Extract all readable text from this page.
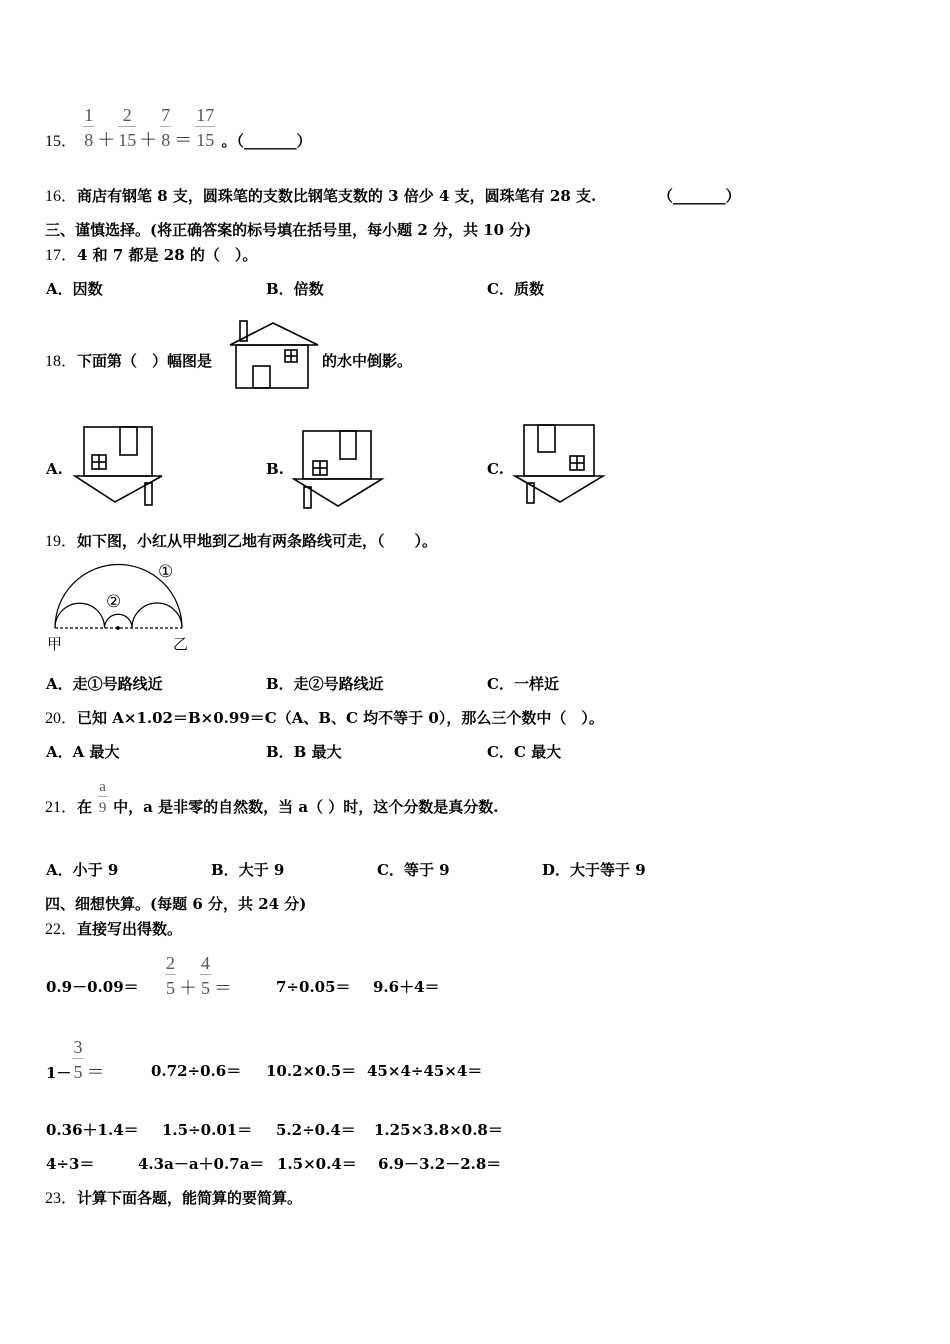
15． $\frac{1}{8} + \frac{2}{15} + \frac{7}{8} = \frac{17}{15}$ 。（_______）
16．商店有钢笔 8 支，圆珠笔的支数比钢笔支数的 3 倍少 4 支，圆珠笔有 28 支.	（_______）
三、谨慎选择。(将正确答案的标号填在括号里，每小题 2 分，共 10 分)
17．4 和 7 都是 28 的（　）。
A．因数	B．倍数	C．质数
18．下面第（　）幅图是	的水中倒影。
A.	B.	C.
19．如下图，小红从甲地到乙地有两条路线可走，（　　）。
①
②
甲	乙
A．走①号路线近	B．走②号路线近	C．一样近
20．已知 A×1.02＝B×0.99＝C（A、B、C 均不等于 0），那么三个数中（　）。
A．A 最大	B．B 最大	C．C 最大
21．在 $\frac{a}{9}$ 中，a 是非零的自然数，当 a（ ）时，这个分数是真分数.
A．小于 9	B．大于 9	C．等于 9	D．大于等于 9
四、细想快算。(每题 6 分，共 24 分)
22．直接写出得数。
$0.9-0.09= \frac{2}{5} + \frac{4}{5}$ ＝	7÷0.05＝ 9.6＋4＝
$1- \frac{3}{5}$ ＝	0.72÷0.6＝ 10.2×0.5＝ 45×4÷45×4＝
0.36＋1.4＝ 1.5÷0.01＝ 5.2÷0.4＝ 1.25×3.8×0.8＝
4÷3＝	4.3a－a＋0.7a＝ 1.5×0.4＝ 6.9－3.2－2.8＝
23．计算下面各题，能简算的要简算。
